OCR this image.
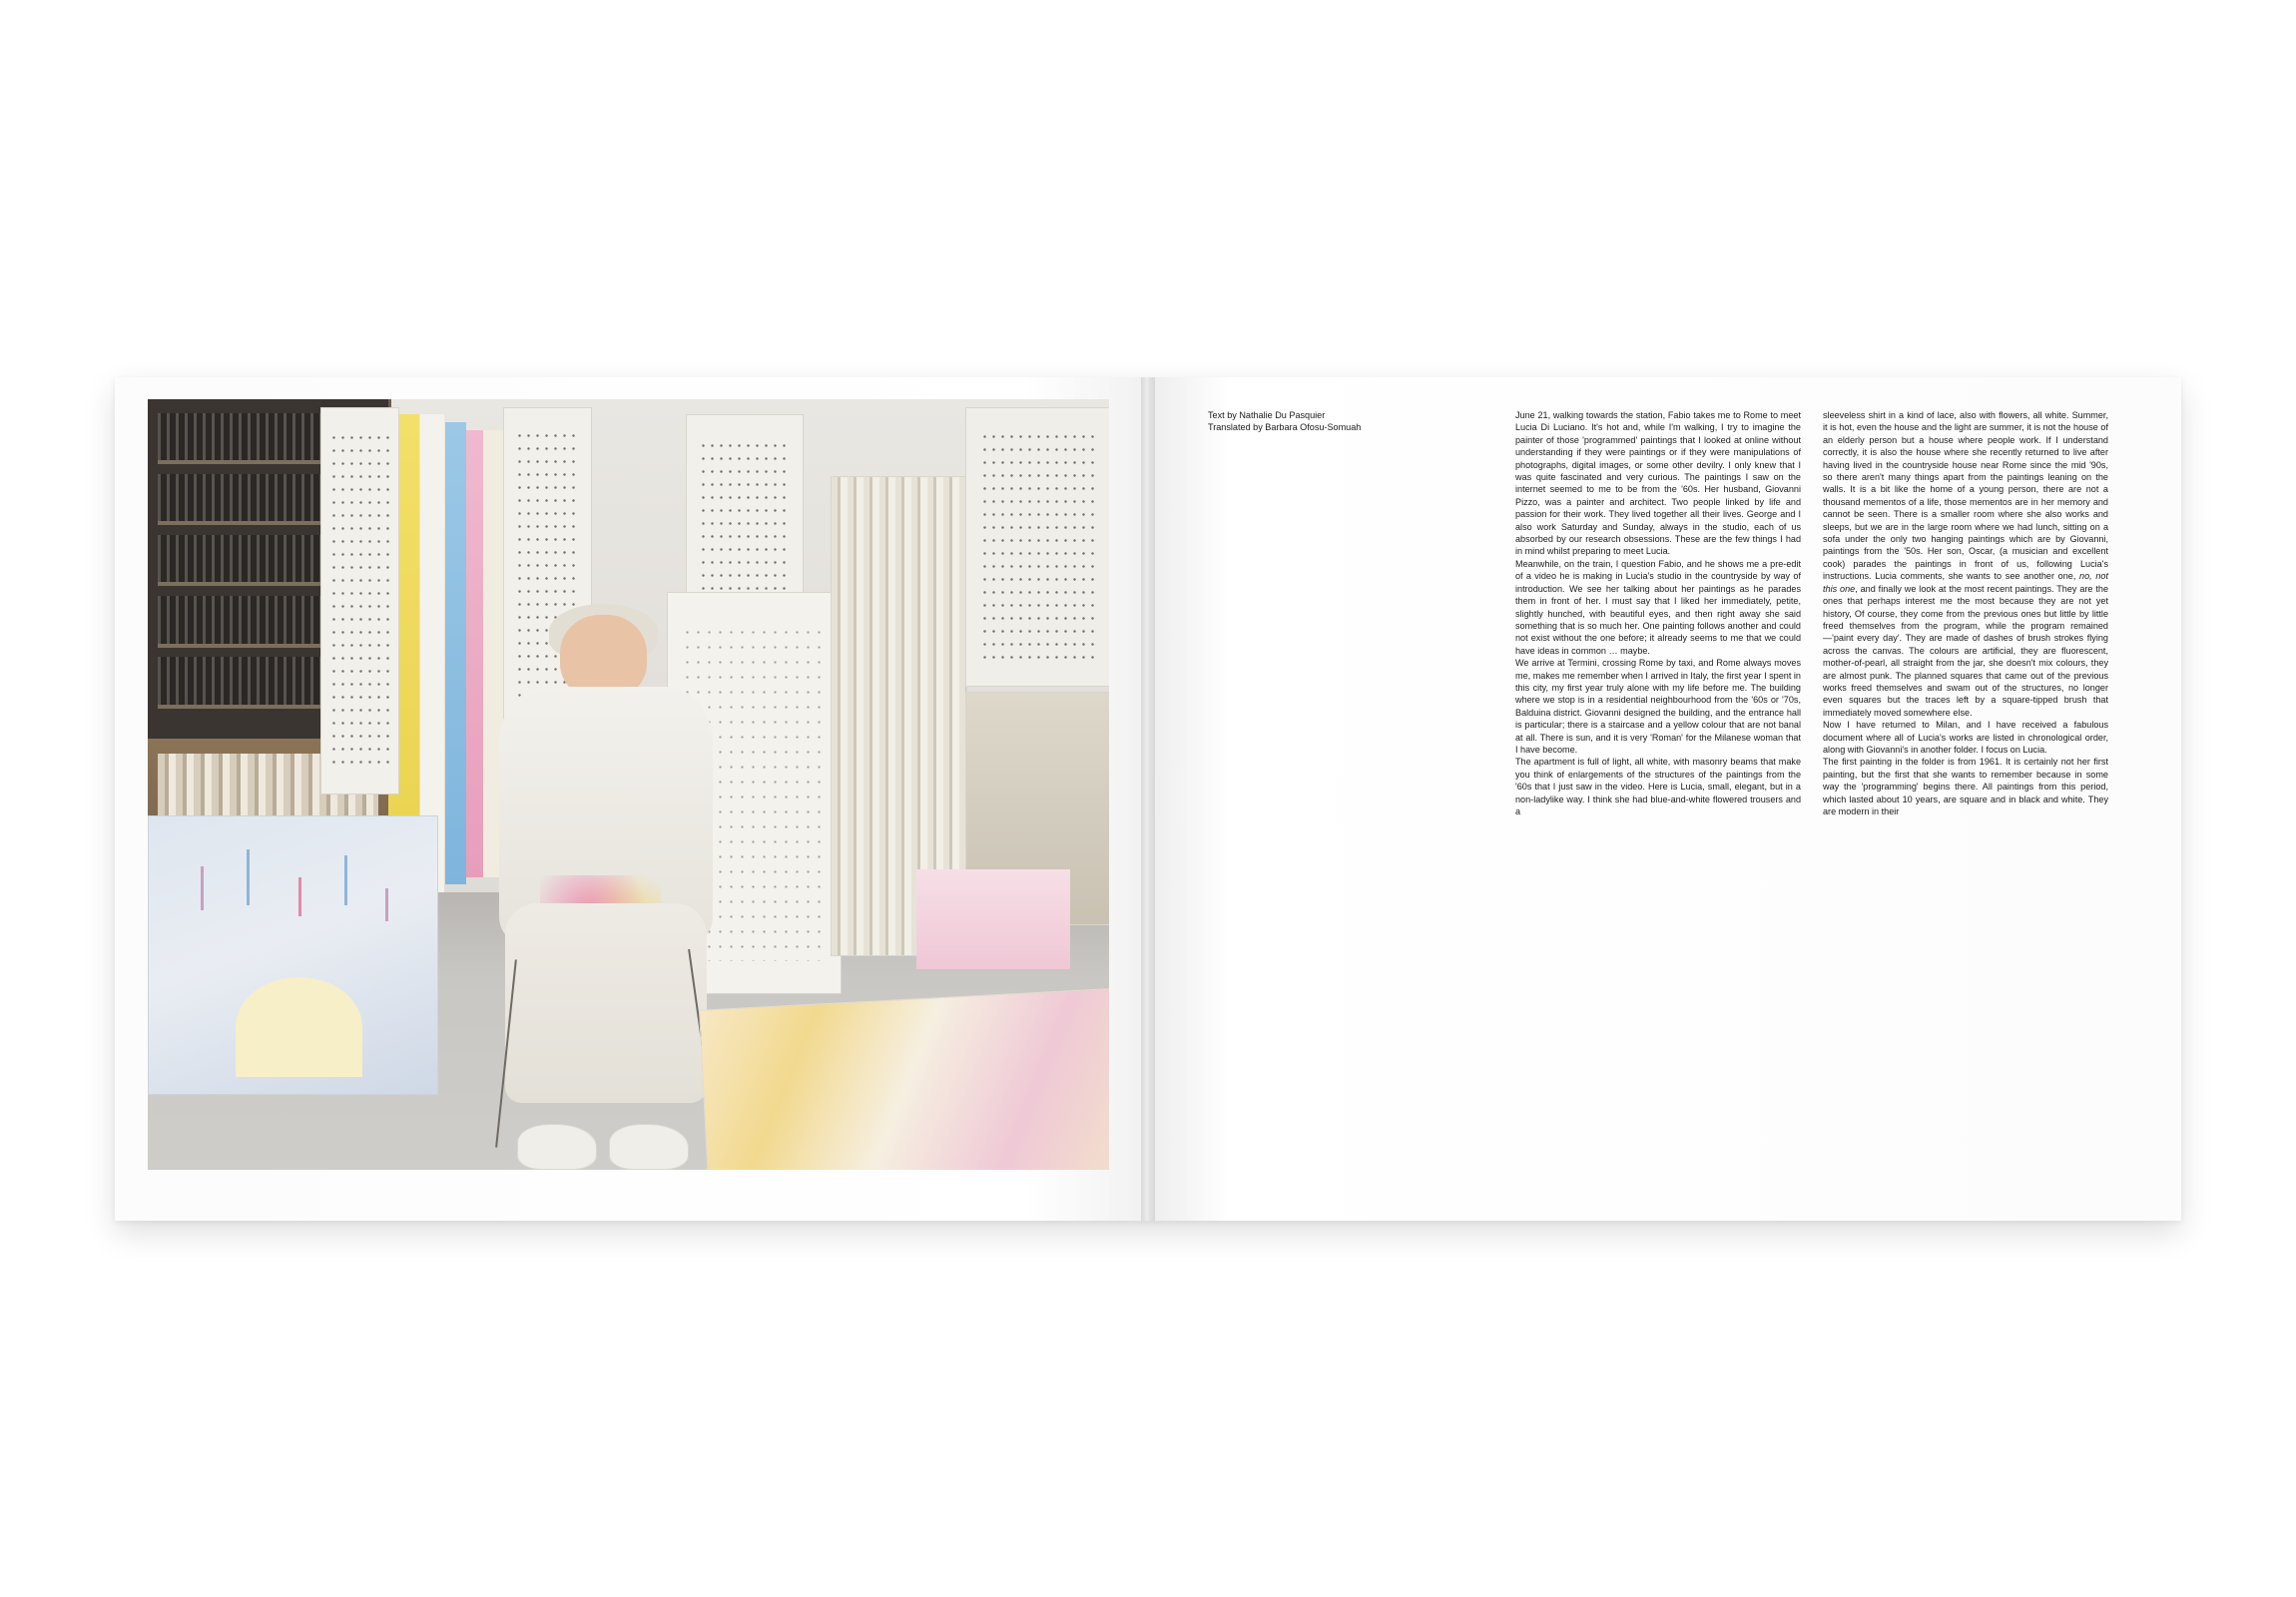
Text by Nathalie Du Pasquier
Translated by Barbara Ofosu-Somuah

June 21, walking towards the station, Fabio takes me to Rome to meet Lucia Di Luciano. It's hot and, while I'm walking, I try to imagine the painter of those 'programmed' paintings that I looked at online without understanding if they were paintings or if they were manipulations of photographs, digital images, or some other devilry. I only knew that I was quite fascinated and very curious. The paintings I saw on the internet seemed to me to be from the '60s. Her husband, Giovanni Pizzo, was a painter and architect. Two people linked by life and passion for their work. They lived together all their lives. George and I also work Saturday and Sunday, always in the studio, each of us absorbed by our research obsessions. These are the few things I had in mind whilst preparing to meet Lucia.

Meanwhile, on the train, I question Fabio, and he shows me a pre-edit of a video he is making in Lucia's studio in the countryside by way of introduction. We see her talking about her paintings as he parades them in front of her. I must say that I liked her immediately, petite, slightly hunched, with beautiful eyes, and then right away she said something that is so much her. One painting follows another and could not exist without the one before; it already seems to me that we could have ideas in common … maybe.

We arrive at Termini, crossing Rome by taxi, and Rome always moves me, makes me remember when I arrived in Italy, the first year I spent in this city, my first year truly alone with my life before me. The building where we stop is in a residential neighbourhood from the '60s or '70s, Balduina district. Giovanni designed the building, and the entrance hall is particular; there is a staircase and a yellow colour that are not banal at all. There is sun, and it is very 'Roman' for the Milanese woman that I have become.

The apartment is full of light, all white, with masonry beams that make you think of enlargements of the structures of the paintings from the '60s that I just saw in the video. Here is Lucia, small, elegant, but in a non-ladylike way. I think she had blue-and-white flowered trousers and a

sleeveless shirt in a kind of lace, also with flowers, all white. Summer, it is hot, even the house and the light are summer, it is not the house of an elderly person but a house where people work. If I understand correctly, it is also the house where she recently returned to live after having lived in the countryside house near Rome since the mid '90s, so there aren't many things apart from the paintings leaning on the walls. It is a bit like the home of a young person, there are not a thousand mementos of a life, those mementos are in her memory and cannot be seen. There is a smaller room where she also works and sleeps, but we are in the large room where we had lunch, sitting on a sofa under the only two hanging paintings which are by Giovanni, paintings from the '50s. Her son, Oscar, (a musician and excellent cook) parades the paintings in front of us, following Lucia's instructions. Lucia comments, she wants to see another one, no, not this one, and finally we look at the most recent paintings. They are the ones that perhaps interest me the most because they are not yet history, Of course, they come from the previous ones but little by little freed themselves from the program, while the program remained—'paint every day'. They are made of dashes of brush strokes flying across the canvas. The colours are artificial, they are fluorescent, mother-of-pearl, all straight from the jar, she doesn't mix colours, they are almost punk. The planned squares that came out of the previous works freed themselves and swam out of the structures, no longer even squares but the traces left by a square-tipped brush that immediately moved somewhere else.

Now I have returned to Milan, and I have received a fabulous document where all of Lucia's works are listed in chronological order, along with Giovanni's in another folder. I focus on Lucia.

The first painting in the folder is from 1961. It is certainly not her first painting, but the first that she wants to remember because in some way the 'programming' begins there. All paintings from this period, which lasted about 10 years, are square and in black and white. They are modern in their
